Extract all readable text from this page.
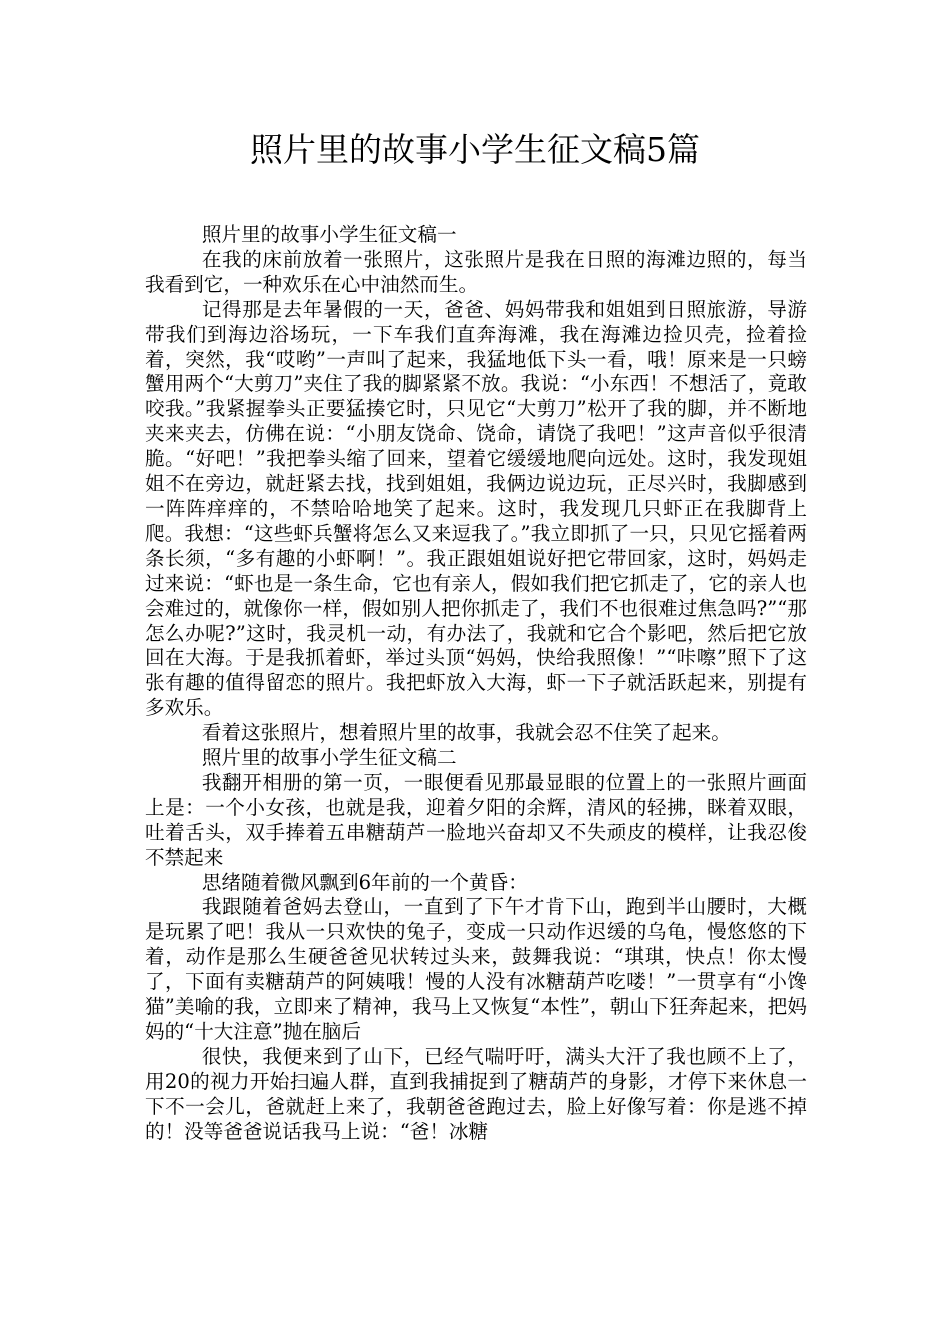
照片里的故事小学生征文稿5篇

照片里的故事小学生征文稿一

在我的床前放着一张照片，这张照片是我在日照的海滩边照的，每当我看到它，一种欢乐在心中油然而生。

记得那是去年暑假的一天，爸爸、妈妈带我和姐姐到日照旅游，导游带我们到海边浴场玩，一下车我们直奔海滩，我在海滩边捡贝壳，捡着捡着，突然，我“哎哟”一声叫了起来，我猛地低下头一看，哦！原来是一只螃蟹用两个“大剪刀”夹住了我的脚紧紧不放。我说：“小东西！不想活了，竟敢咬我。”我紧握拳头正要猛揍它时，只见它“大剪刀”松开了我的脚，并不断地夹来夹去，仿佛在说：“小朋友饶命、饶命，请饶了我吧！”这声音似乎很清脆。“好吧！”我把拳头缩了回来，望着它缓缓地爬向远处。这时，我发现姐姐不在旁边，就赶紧去找，找到姐姐，我俩边说边玩，正尽兴时，我脚感到一阵阵痒痒的，不禁哈哈地笑了起来。这时，我发现几只虾正在我脚背上爬。我想：“这些虾兵蟹将怎么又来逗我了。”我立即抓了一只，只见它摇着两条长须，“多有趣的小虾啊！”。我正跟姐姐说好把它带回家，这时，妈妈走过来说：“虾也是一条生命，它也有亲人，假如我们把它抓走了，它的亲人也会难过的，就像你一样，假如别人把你抓走了，我们不也很难过焦急吗?”“那怎么办呢?”这时，我灵机一动，有办法了，我就和它合个影吧，然后把它放回在大海。于是我抓着虾，举过头顶“妈妈，快给我照像！”“咔嚓”照下了这张有趣的值得留恋的照片。我把虾放入大海，虾一下子就活跃起来，别提有多欢乐。

看着这张照片，想着照片里的故事，我就会忍不住笑了起来。

照片里的故事小学生征文稿二

我翻开相册的第一页，一眼便看见那最显眼的位置上的一张照片画面上是：一个小女孩，也就是我，迎着夕阳的余辉，清风的轻拂，眯着双眼，吐着舌头，双手捧着五串糖葫芦一脸地兴奋却又不失顽皮的模样，让我忍俊不禁起来

思绪随着微风飘到6年前的一个黄昏：

我跟随着爸妈去登山，一直到了下午才肯下山，跑到半山腰时，大概是玩累了吧！我从一只欢快的兔子，变成一只动作迟缓的乌龟，慢悠悠的下着，动作是那么生硬爸爸见状转过头来，鼓舞我说：“琪琪，快点！你太慢了，下面有卖糖葫芦的阿姨哦！慢的人没有冰糖葫芦吃喽！”一贯享有“小馋猫”美喻的我，立即来了精神，我马上又恢复“本性”，朝山下狂奔起来，把妈妈的“十大注意”抛在脑后

很快，我便来到了山下，已经气喘吁吁，满头大汗了我也顾不上了，用20的视力开始扫遍人群，直到我捕捉到了糖葫芦的身影，才停下来休息一下不一会儿，爸就赶上来了，我朝爸爸跑过去，脸上好像写着：你是逃不掉的！没等爸爸说话我马上说：“爸！冰糖
